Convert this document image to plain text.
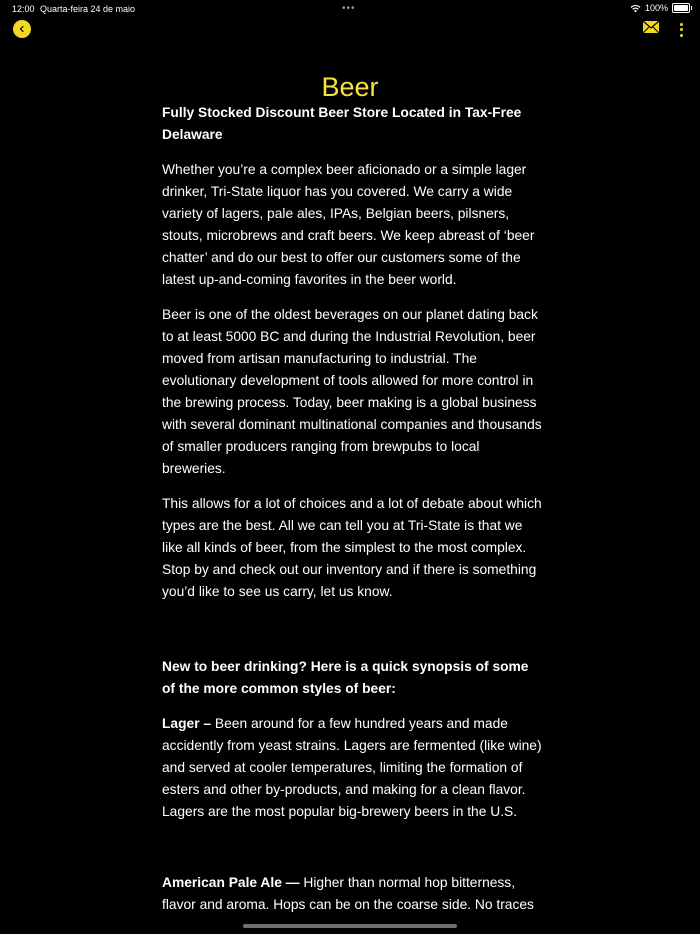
12:00 Quarta-feira 24 de maio	•••	100%
Beer

Fully Stocked Discount Beer Store Located in Tax-Free Delaware

Whether you’re a complex beer aficionado or a simple lager drinker, Tri-State liquor has you covered. We carry a wide variety of lagers, pale ales, IPAs, Belgian beers, pilsners, stouts, microbrews and craft beers. We keep abreast of ‘beer chatter’ and do our best to offer our customers some of the latest up-and-coming favorites in the beer world.

Beer is one of the oldest beverages on our planet dating back to at least 5000 BC and during the Industrial Revolution, beer moved from artisan manufacturing to industrial. The evolutionary development of tools allowed for more control in the brewing process. Today, beer making is a global business with several dominant multinational companies and thousands of smaller producers ranging from brewpubs to local breweries.

This allows for a lot of choices and a lot of debate about which types are the best. All we can tell you at Tri-State is that we like all kinds of beer, from the simplest to the most complex. Stop by and check out our inventory and if there is something you’d like to see us carry, let us know.

New to beer drinking? Here is a quick synopsis of some of the more common styles of beer:

Lager – Been around for a few hundred years and made accidently from yeast strains. Lagers are fermented (like wine) and served at cooler temperatures, limiting the formation of esters and other by-products, and making for a clean flavor. Lagers are the most popular big-brewery beers in the U.S.

American Pale Ale — Higher than normal hop bitterness, flavor and aroma. Hops can be on the coarse side. No traces
